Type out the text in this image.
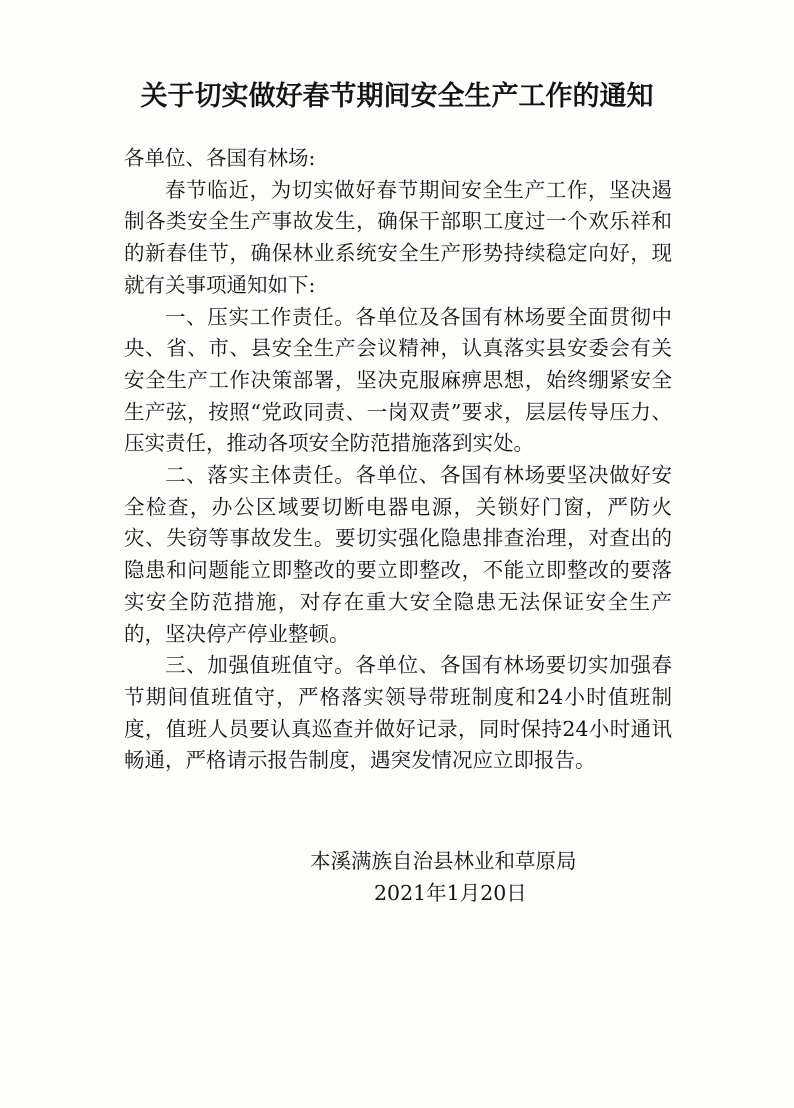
关于切实做好春节期间安全生产工作的通知

各单位、各国有林场:

春节临近，为切实做好春节期间安全生产工作，坚决遏制各类安全生产事故发生，确保干部职工度过一个欢乐祥和的新春佳节，确保林业系统安全生产形势持续稳定向好，现就有关事项通知如下:

一、压实工作责任。各单位及各国有林场要全面贯彻中央、省、市、县安全生产会议精神，认真落实县安委会有关安全生产工作决策部署，坚决克服麻痹思想，始终绷紧安全生产弦，按照“党政同责、一岗双责”要求，层层传导压力、压实责任，推动各项安全防范措施落到实处。

二、落实主体责任。各单位、各国有林场要坚决做好安全检查，办公区域要切断电器电源，关锁好门窗，严防火灾、失窃等事故发生。要切实强化隐患排查治理，对查出的隐患和问题能立即整改的要立即整改，不能立即整改的要落实安全防范措施，对存在重大安全隐患无法保证安全生产的，坚决停产停业整顿。

三、加强值班值守。各单位、各国有林场要切实加强春节期间值班值守，严格落实领导带班制度和24小时值班制度，值班人员要认真巡查并做好记录，同时保持24小时通讯畅通，严格请示报告制度，遇突发情况应立即报告。

本溪满族自治县林业和草原局
2021年1月20日
